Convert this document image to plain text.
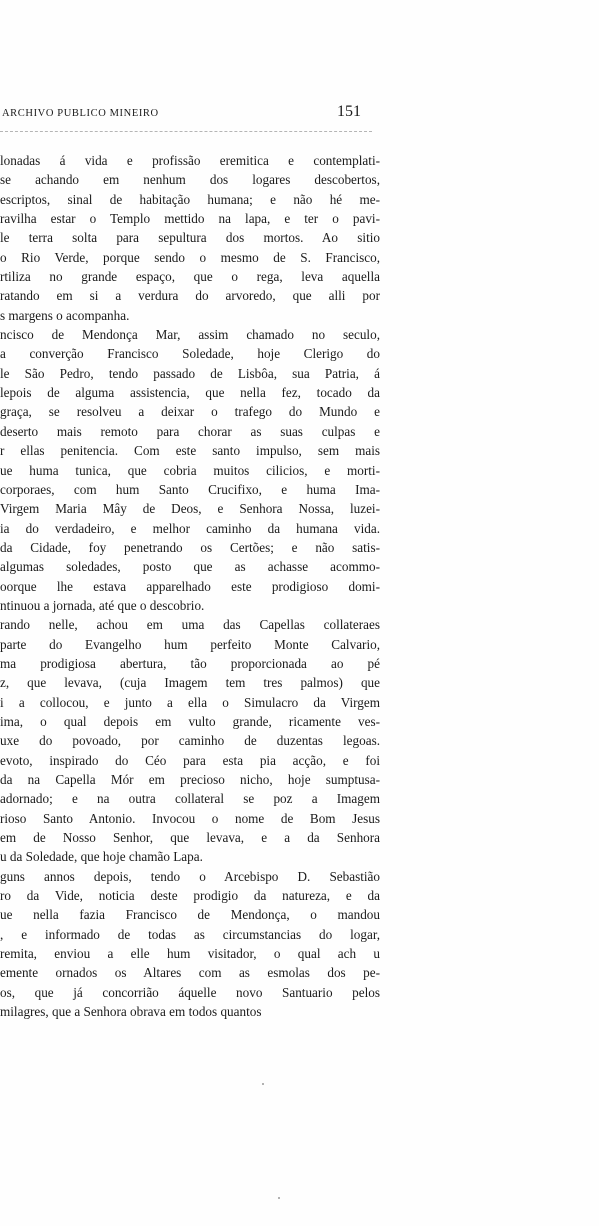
ARCHIVO PUBLICO MINEIRO	151
lonadas á vida e profissão eremitica e contemplati-
se achando em nenhum dos logares descobertos,
escriptos, sinal de habitação humana; e não hé me-
ravilha estar o Templo mettido na lapa, e ter o pavi-
le terra solta para sepultura dos mortos. Ao sitio
o Rio Verde, porque sendo o mesmo de S. Francisco,
rtiliza no grande espaço, que o rega, leva aquella
ratando em si a verdura do arvoredo, que alli por
s margens o acompanha.
ncisco de Mendonça Mar, assim chamado no seculo,
a converção Francisco Soledade, hoje Clerigo do
le São Pedro, tendo passado de Lisbôa, sua Patria, á
lepois de alguma assistencia, que nella fez, tocado da
graça, se resolveu a deixar o trafego do Mundo e
deserto mais remoto para chorar as suas culpas e
r ellas penitencia. Com este santo impulso, sem mais
ue huma tunica, que cobria muitos cilicios, e morti-
corporaes, com hum Santo Crucifixo, e huma Ima-
Virgem Maria Mây de Deos, e Senhora Nossa, luzei-
ia do verdadeiro, e melhor caminho da humana vida.
da Cidade, foy penetrando os Certões; e não satis-
algumas soledades, posto que as achasse acommo-
oorque lhe estava apparelhado este prodigioso domi-
ntinuou a jornada, até que o descobrio.
rando nelle, achou em uma das Capellas collateraes
parte do Evangelho hum perfeito Monte Calvario,
ma prodigiosa abertura, tão proporcionada ao pé
z, que levava, (cuja Imagem tem tres palmos) que
i a collocou, e junto a ella o Simulacro da Virgem
ima, o qual depois em vulto grande, ricamente ves-
uxe do povoado, por caminho de duzentas legoas.
evoto, inspirado do Céo para esta pia acção, e foi
da na Capella Mór em precioso nicho, hoje sumptusa-
adornado; e na outra collateral se poz a Imagem
rioso Santo Antonio. Invocou o nome de Bom Jesus
em de Nosso Senhor, que levava, e a da Senhora
u da Soledade, que hoje chamão Lapa.
guns annos depois, tendo o Arcebispo D. Sebastião
ro da Vide, noticia deste prodigio da natureza, e da
ue nella fazia Francisco de Mendonça, o mandou
, e informado de todas as circumstancias do logar,
remita, enviou a elle hum visitador, o qual ach u
emente ornados os Altares com as esmolas dos pe-
os, que já concorrião áquelle novo Santuario pelos
milagres, que a Senhora obrava em todos quantos
